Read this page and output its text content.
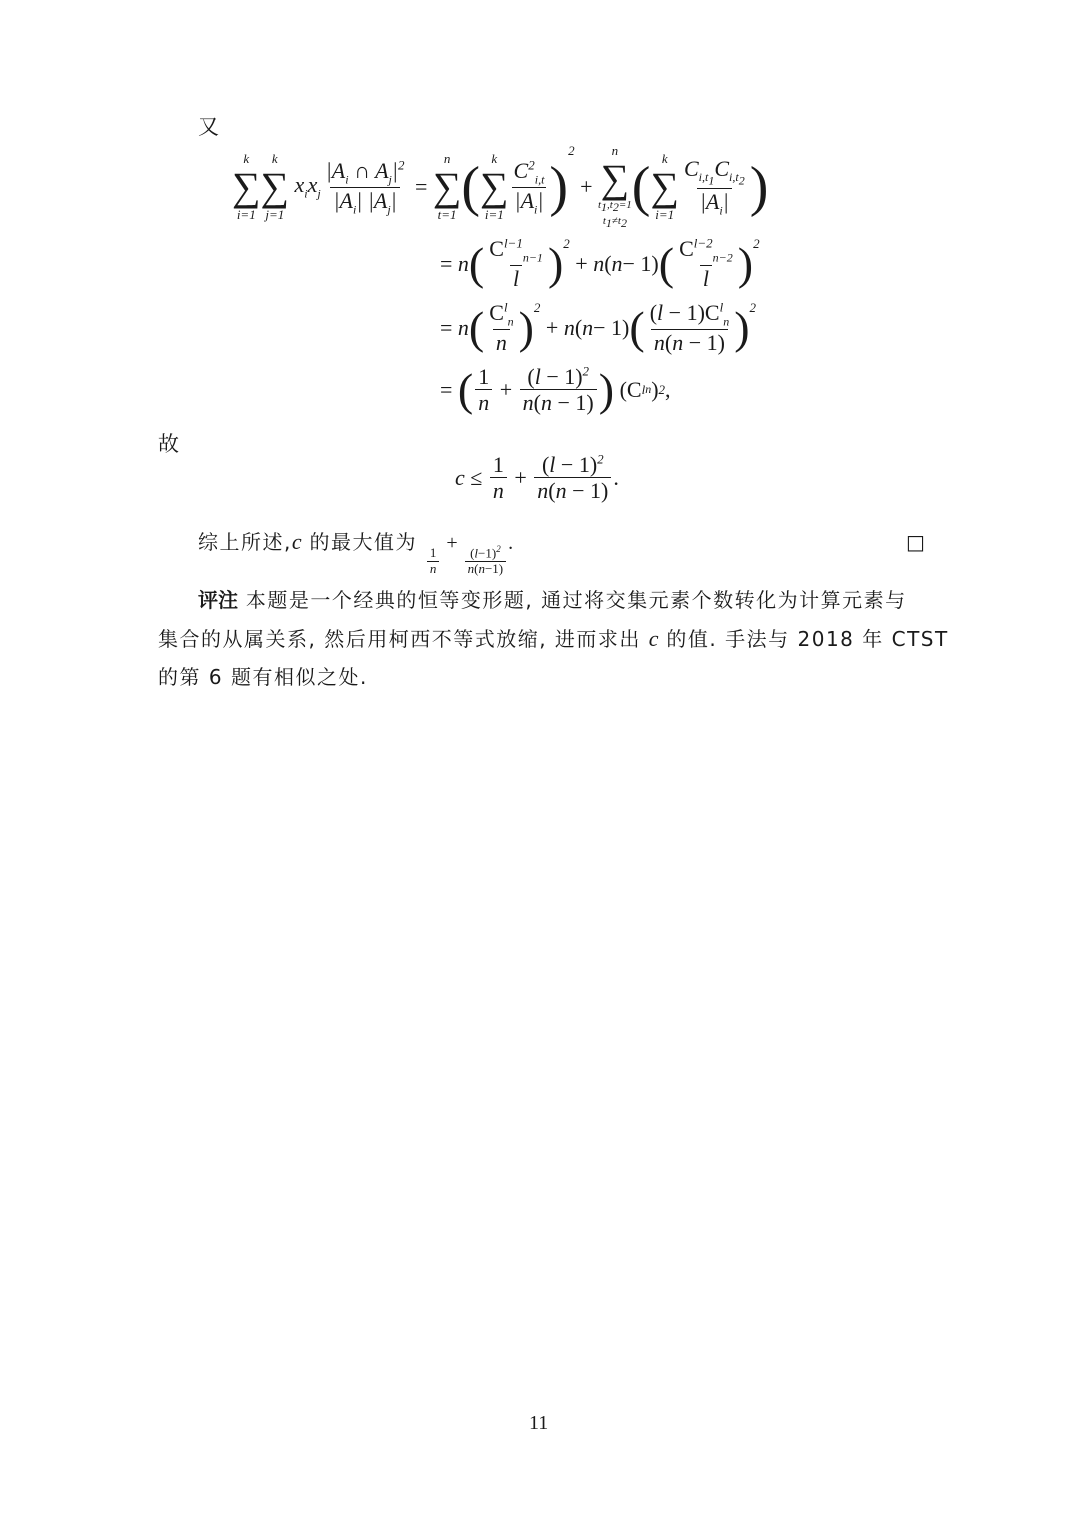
又
k
∑
i=1
k
∑
j=1
$x_ix_j \frac{|A_i \cap A_j|^2}{|A_i| |A_j|}$ =
n
∑
t=1 ( k
∑
$i=1 \frac{C^2_{i,t}}{|A_i|}$ )
2
+
n
∑
$t_1,t_2=1$
$t_1\ne t_2$
( k
∑
$i=1 \frac{C_{i,t_1}C_{i,t_2}}{|A_i|}$ )
= n ( $\frac{C^{l-1}_{n-1}}{l} )^2$
+ n ( n − 1) ( $\frac{C^{l-2}_{n-2}}{l} )^2$
= n ( $\frac{C^l_n}{n} )^2$
+ n ( n − 1) ( $\frac{(l - 1)C^l_n}{n(n - 1)} )^2$
= ( $\frac{1}{n} + \frac{(l - 1)^2}{n(n - 1)}$ ) (C l n ) 2 ,
故
$c \le \frac{1}{n} + \frac{(l - 1)^2}{n(n - 1)}$ .
综上所述,c 的最大值为
$\frac{1}{n}$
+
$\frac{(l-1)^2}{n(n-1)}$
.	□
评注 本题是一个经典的恒等变形题, 通过将交集元素个数转化为计算元素与
集合的从属关系, 然后用柯西不等式放缩, 进而求出 c 的值. 手法与 2018 年 CTST
的第 6 题有相似之处.
11
